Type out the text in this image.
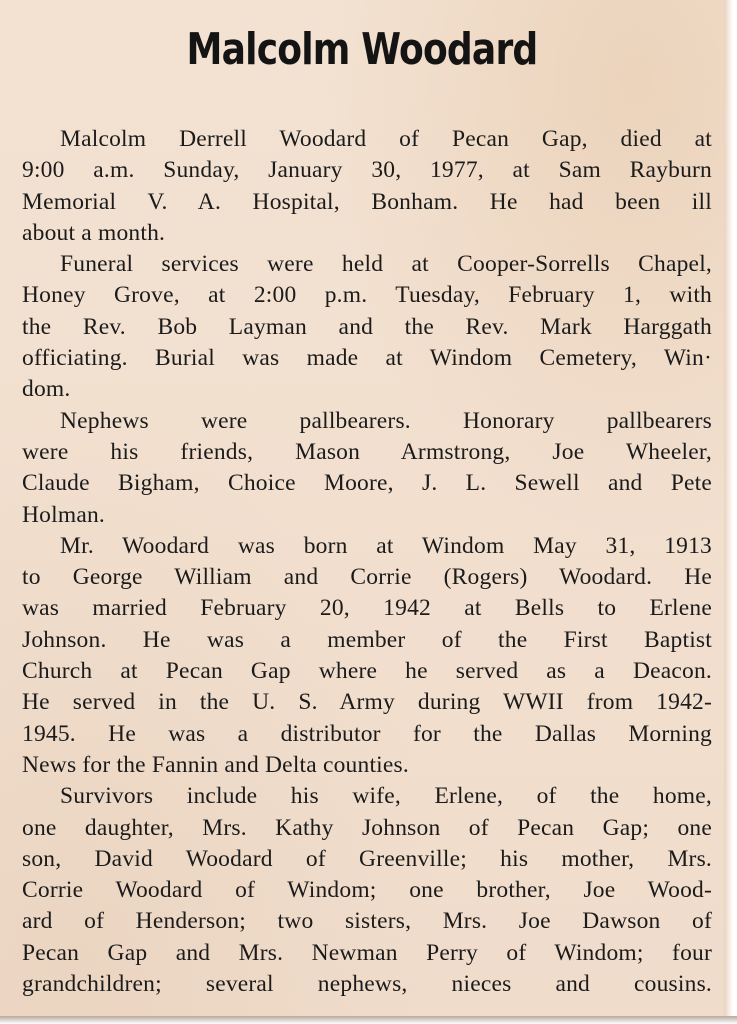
Malcolm Woodard
Malcolm Derrell Woodard of Pecan Gap, died at
9:00 a.m. Sunday, January 30, 1977, at Sam Rayburn
Memorial V. A. Hospital, Bonham. He had been ill
about a month.
Funeral services were held at Cooper-Sorrells Chapel,
Honey Grove, at 2:00 p.m. Tuesday, February 1, with
the Rev. Bob Layman and the Rev. Mark Harggath
officiating. Burial was made at Windom Cemetery, Win·
dom.
Nephews were pallbearers. Honorary pallbearers
were his friends, Mason Armstrong, Joe Wheeler,
Claude Bigham, Choice Moore, J. L. Sewell and Pete
Holman.
Mr. Woodard was born at Windom May 31, 1913
to George William and Corrie (Rogers) Woodard. He
was married February 20, 1942 at Bells to Erlene
Johnson. He was a member of the First Baptist
Church at Pecan Gap where he served as a Deacon.
He served in the U. S. Army during WWII from 1942-
1945. He was a distributor for the Dallas Morning
News for the Fannin and Delta counties.
Survivors include his wife, Erlene, of the home,
one daughter, Mrs. Kathy Johnson of Pecan Gap; one
son, David Woodard of Greenville; his mother, Mrs.
Corrie Woodard of Windom; one brother, Joe Wood-
ard of Henderson; two sisters, Mrs. Joe Dawson of
Pecan Gap and Mrs. Newman Perry of Windom; four
grandchildren; several nephews, nieces and cousins.
